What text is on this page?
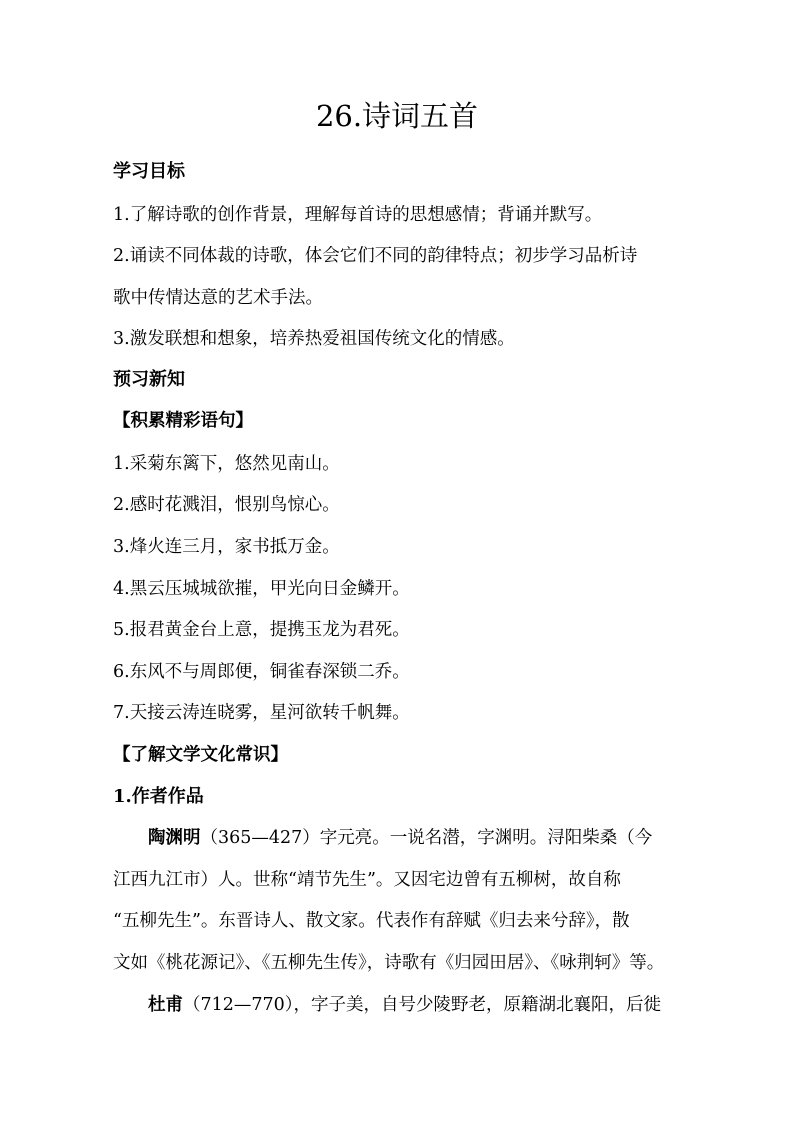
26.诗词五首

学习目标

1.了解诗歌的创作背景，理解每首诗的思想感情；背诵并默写。

2.诵读不同体裁的诗歌，体会它们不同的韵律特点；初步学习品析诗

歌中传情达意的艺术手法。

3.激发联想和想象，培养热爱祖国传统文化的情感。

预习新知

【积累精彩语句】

1.采菊东篱下，悠然见南山。

2.感时花溅泪，恨别鸟惊心。

3.烽火连三月，家书抵万金。

4.黑云压城城欲摧，甲光向日金鳞开。

5.报君黄金台上意，提携玉龙为君死。

6.东风不与周郎便，铜雀春深锁二乔。

7.天接云涛连晓雾，星河欲转千帆舞。

【了解文学文化常识】

1.作者作品

陶渊明（365—427）字元亮。一说名潜，字渊明。浔阳柴桑（今

江西九江市）人。世称“靖节先生”。又因宅边曾有五柳树，故自称

“五柳先生”。东晋诗人、散文家。代表作有辞赋《归去来兮辞》，散

文如《桃花源记》、《五柳先生传》，诗歌有《归园田居》、《咏荆轲》等。

杜甫（712—770），字子美，自号少陵野老，原籍湖北襄阳，后徙
